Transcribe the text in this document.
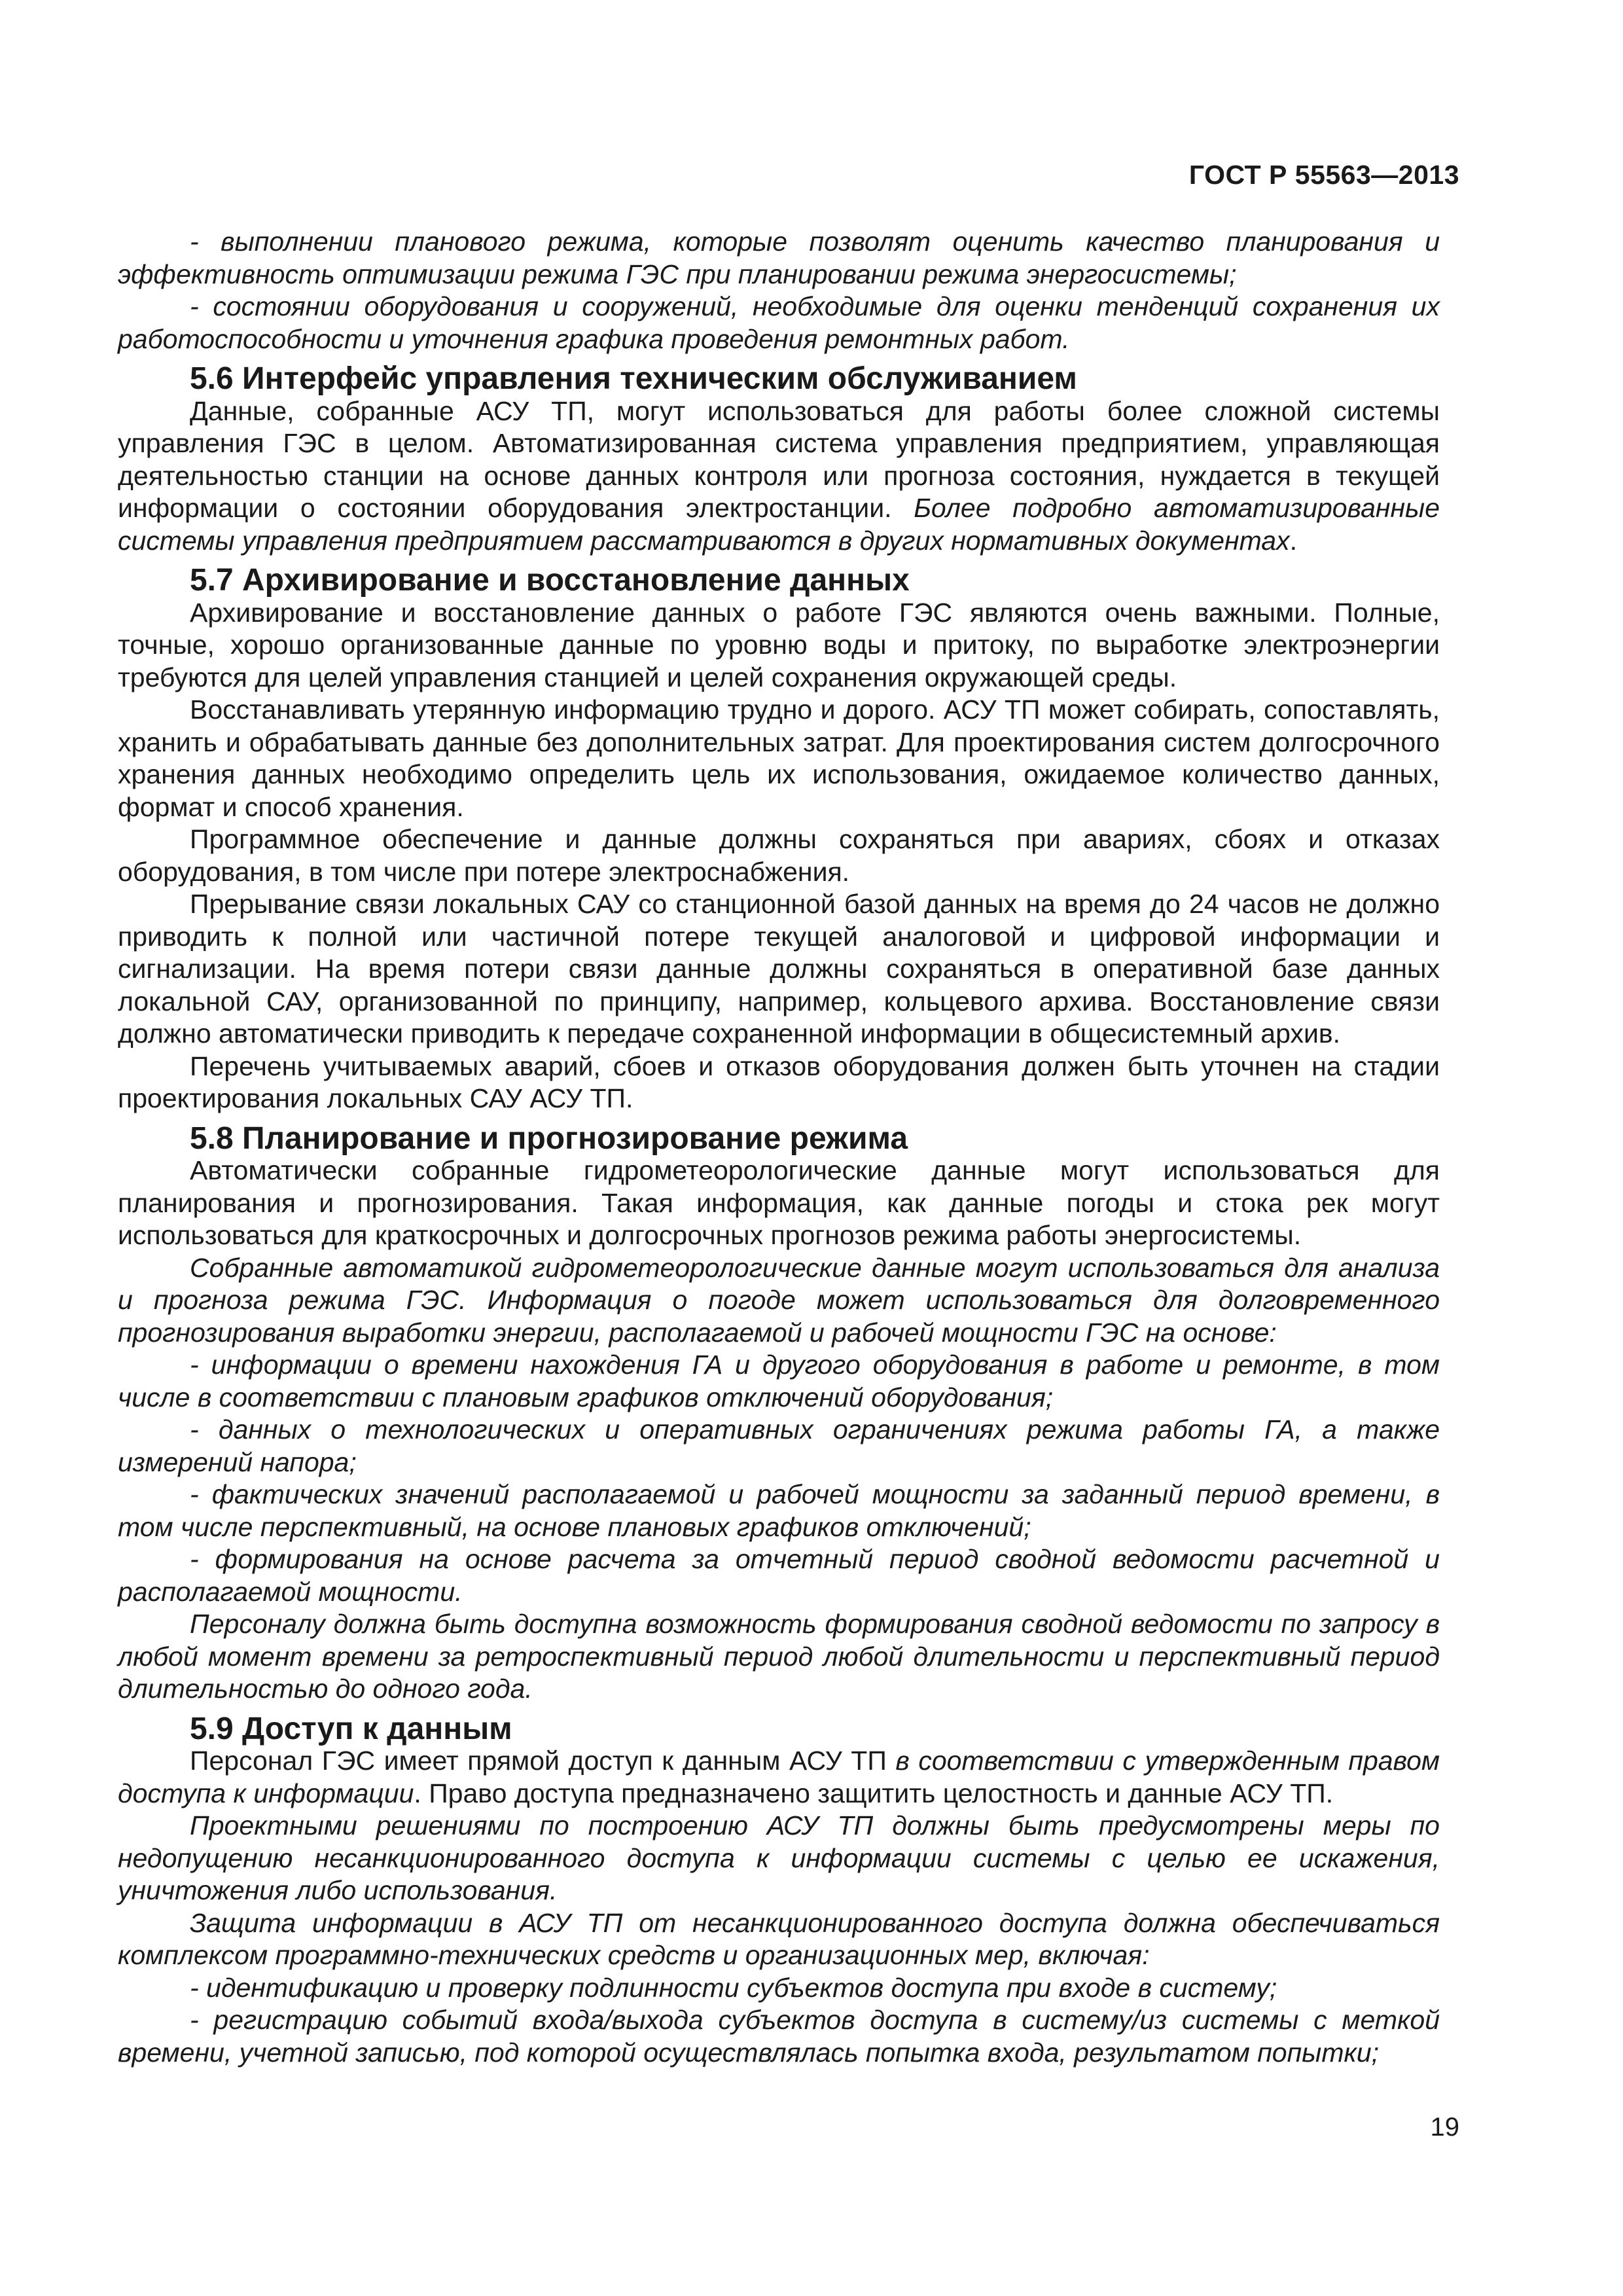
ГОСТ Р 55563—2013

- выполнении планового режима, которые позволят оценить качество планирования и эффективность оптимизации режима ГЭС при планировании режима энергосистемы;

- состоянии оборудования и сооружений, необходимые для оценки тенденций сохранения их работоспособности и уточнения графика проведения ремонтных работ.

5.6 Интерфейс управления техническим обслуживанием

Данные, собранные АСУ ТП, могут использоваться для работы более сложной системы управления ГЭС в целом. Автоматизированная система управления предприятием, управляющая деятельностью станции на основе данных контроля или прогноза состояния, нуждается в текущей информации о состоянии оборудования электростанции. Более подробно автоматизированные системы управления предприятием рассматриваются в других нормативных документах.

5.7 Архивирование и восстановление данных

Архивирование и восстановление данных о работе ГЭС являются очень важными. Полные, точные, хорошо организованные данные по уровню воды и притоку, по выработке электроэнергии требуются для целей управления станцией и целей сохранения окружающей среды.

Восстанавливать утерянную информацию трудно и дорого. АСУ ТП может собирать, сопоставлять, хранить и обрабатывать данные без дополнительных затрат. Для проектирования систем долгосрочного хранения данных необходимо определить цель их использования, ожидаемое количество данных, формат и способ хранения.

Программное обеспечение и данные должны сохраняться при авариях, сбоях и отказах оборудования, в том числе при потере электроснабжения.

Прерывание связи локальных САУ со станционной базой данных на время до 24 часов не должно приводить к полной или частичной потере текущей аналоговой и цифровой информации и сигнализации. На время потери связи данные должны сохраняться в оперативной базе данных локальной САУ, организованной по принципу, например, кольцевого архива. Восстановление связи должно автоматически приводить к передаче сохраненной информации в общесистемный архив.

Перечень учитываемых аварий, сбоев и отказов оборудования должен быть уточнен на стадии проектирования локальных САУ АСУ ТП.

5.8 Планирование и прогнозирование режима

Автоматически собранные гидрометеорологические данные могут использоваться для планирования и прогнозирования. Такая информация, как данные погоды и стока рек могут использоваться для краткосрочных и долгосрочных прогнозов режима работы энергосистемы.

Собранные автоматикой гидрометеорологические данные могут использоваться для анализа и прогноза режима ГЭС. Информация о погоде может использоваться для долговременного прогнозирования выработки энергии, располагаемой и рабочей мощности ГЭС на основе:

- информации о времени нахождения ГА и другого оборудования в работе и ремонте, в том числе в соответствии с плановым графиков отключений оборудования;

- данных о технологических и оперативных ограничениях режима работы ГА, а также измерений напора;

- фактических значений располагаемой и рабочей мощности за заданный период времени, в том числе перспективный, на основе плановых графиков отключений;

- формирования на основе расчета за отчетный период сводной ведомости расчетной и располагаемой мощности.

Персоналу должна быть доступна возможность формирования сводной ведомости по запросу в любой момент времени за ретроспективный период любой длительности и перспективный период длительностью до одного года.

5.9 Доступ к данным

Персонал ГЭС имеет прямой доступ к данным АСУ ТП в соответствии с утвержденным правом доступа к информации. Право доступа предназначено защитить целостность и данные АСУ ТП.

Проектными решениями по построению АСУ ТП должны быть предусмотрены меры по недопущению несанкционированного доступа к информации системы с целью ее искажения, уничтожения либо использования.

Защита информации в АСУ ТП от несанкционированного доступа должна обеспечиваться комплексом программно-технических средств и организационных мер, включая:

- идентификацию и проверку подлинности субъектов доступа при входе в систему;

- регистрацию событий входа/выхода субъектов доступа в систему/из системы с меткой времени, учетной записью, под которой осуществлялась попытка входа, результатом попытки;

19
